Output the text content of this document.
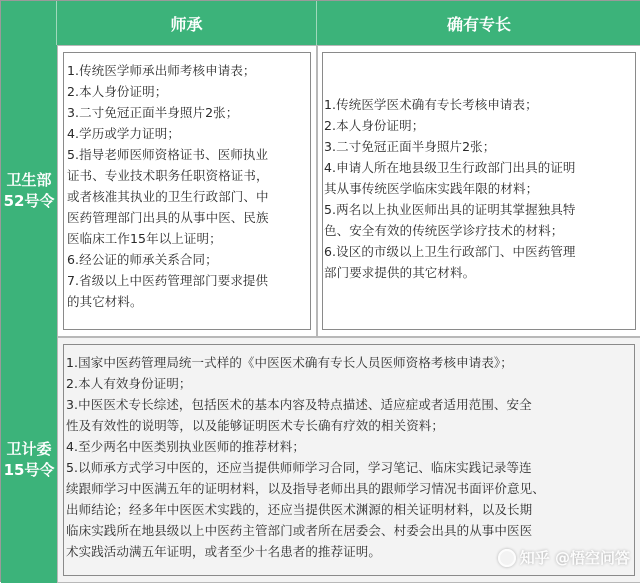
师承	确有专长
卫生部
52号令
1.传统医学师承出师考核申请表；
2.本人身份证明；
3.二寸免冠正面半身照片2张；
4.学历或学力证明；
5.指导老师医师资格证书、医师执业
证书、专业技术职务任职资格证书，
或者核准其执业的卫生行政部门、中
医药管理部门出具的从事中医、民族
医临床工作15年以上证明；
6.经公证的师承关系合同；
7.省级以上中医药管理部门要求提供
的其它材料。
1.传统医学医术确有专长考核申请表；
2.本人身份证明；
3.二寸免冠正面半身照片2张；
4.申请人所在地县级卫生行政部门出具的证明
其从事传统医学临床实践年限的材料；
5.两名以上执业医师出具的证明其掌握独具特
色、安全有效的传统医学诊疗技术的材料；
6.设区的市级以上卫生行政部门、中医药管理
部门要求提供的其它材料。
卫计委
15号令
1.国家中医药管理局统一式样的《中医医术确有专长人员医师资格考核申请表》；
2.本人有效身份证明；
3.中医医术专长综述，包括医术的基本内容及特点描述、适应症或者适用范围、安全
性及有效性的说明等，以及能够证明医术专长确有疗效的相关资料；
4.至少两名中医类别执业医师的推荐材料；
5.以师承方式学习中医的，还应当提供师师学习合同，学习笔记、临床实践记录等连
续跟师学习中医满五年的证明材料，以及指导老师出具的跟师学习情况书面评价意见、
出师结论；经多年中医医术实践的，还应当提供医术渊源的相关证明材料，以及长期
临床实践所在地县级以上中医药主管部门或者所在居委会、村委会出具的从事中医医
术实践活动满五年证明，或者至少十名患者的推荐证明。	知乎 @悟空问答
